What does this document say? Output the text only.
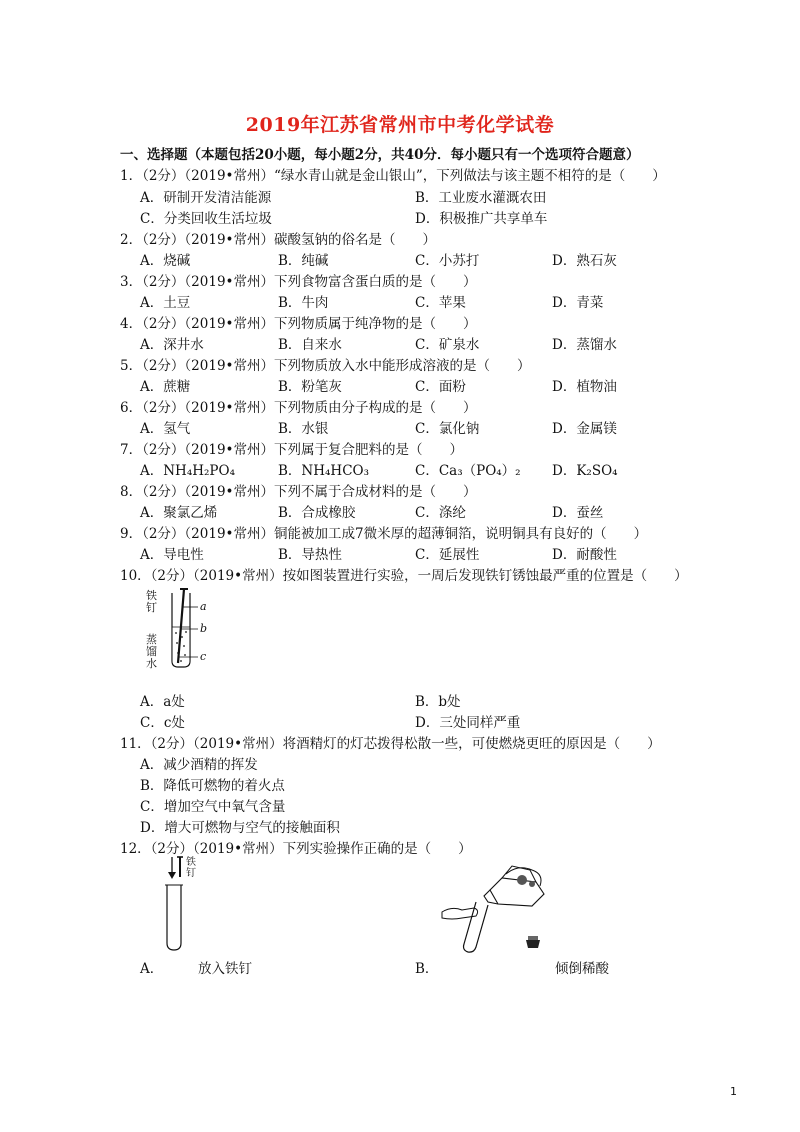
2019年江苏省常州市中考化学试卷
一、选择题（本题包括20小题，每小题2分，共40分．每小题只有一个选项符合题意）
1．（2分）（2019•常州）“绿水青山就是金山银山”，下列做法与该主题不相符的是（　　）
A．研制开发清洁能源	B．工业废水灌溉农田
C．分类回收生活垃圾	D．积极推广共享单车
2．（2分）（2019•常州）碳酸氢钠的俗名是（　　）
A．烧碱	B．纯碱	C．小苏打	D．熟石灰
3．（2分）（2019•常州）下列食物富含蛋白质的是（　　）
A．土豆	B．牛肉	C．苹果	D．青菜
4．（2分）（2019•常州）下列物质属于纯净物的是（　　）
A．深井水	B．自来水	C．矿泉水	D．蒸馏水
5．（2分）（2019•常州）下列物质放入水中能形成溶液的是（　　）
A．蔗糖	B．粉笔灰	C．面粉	D．植物油
6．（2分）（2019•常州）下列物质由分子构成的是（　　）
A．氢气	B．水银	C．氯化钠	D．金属镁
7．（2分）（2019•常州）下列属于复合肥料的是（　　）
A．NH₄H₂PO₄	B．NH₄HCO₃	C．Ca₃（PO₄）₂ D．K₂SO₄
8．（2分）（2019•常州）下列不属于合成材料的是（　　）
A．聚氯乙烯	B．合成橡胶	C．涤纶	D．蚕丝
9．（2分）（2019•常州）铜能被加工成7微米厚的超薄铜箔，说明铜具有良好的（　　）
A．导电性	B．导热性	C．延展性	D．耐酸性
10．（2分）（2019•常州）按如图装置进行实验，一周后发现铁钉锈蚀最严重的位置是（　　）
铁钉
蒸馏水
a
b
c
A．a处	B．b处
C．c处	D．三处同样严重
11．（2分）（2019•常州）将酒精灯的灯芯拨得松散一些，可使燃烧更旺的原因是（　　）
A．减少酒精的挥发
B．降低可燃物的着火点
C．增加空气中氧气含量
D．增大可燃物与空气的接触面积
12．（2分）（2019•常州）下列实验操作正确的是（　　）
铁钉
A．	放入铁钉	B．	倾倒稀酸
1
